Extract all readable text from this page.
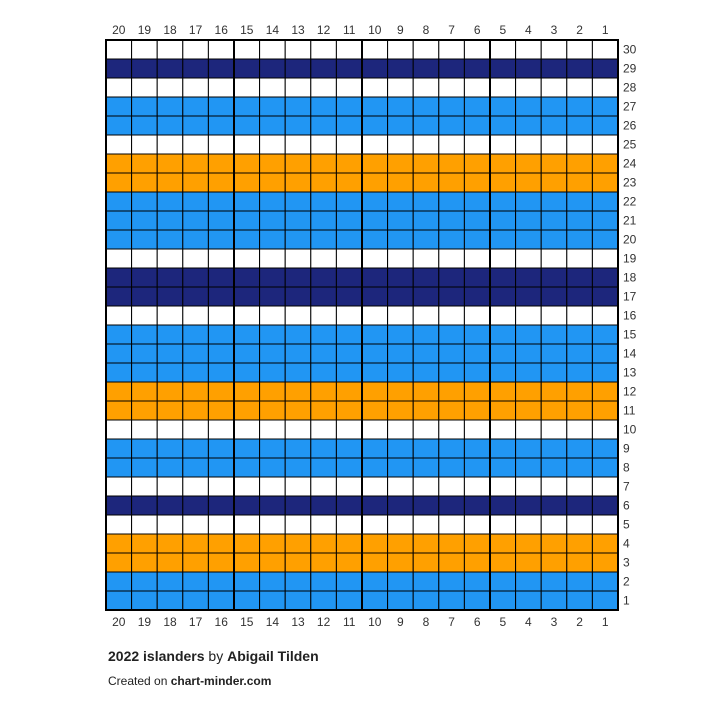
20
20
19
19
18
18
17
17
16
16
15
15
14
14
13
13
12
12
11
11
10
10
9
9
8
8
7
7
6
6
5
5
4
4
3
3
2
2
1
1
30
29
28
27
26
25
24
23
22
21
20
19
18
17
16
15
14
13
12
11
10
9
8
7
6
5
4
3
2
1
2022 islanders by Abigail Tilden
Created on chart-minder.com
